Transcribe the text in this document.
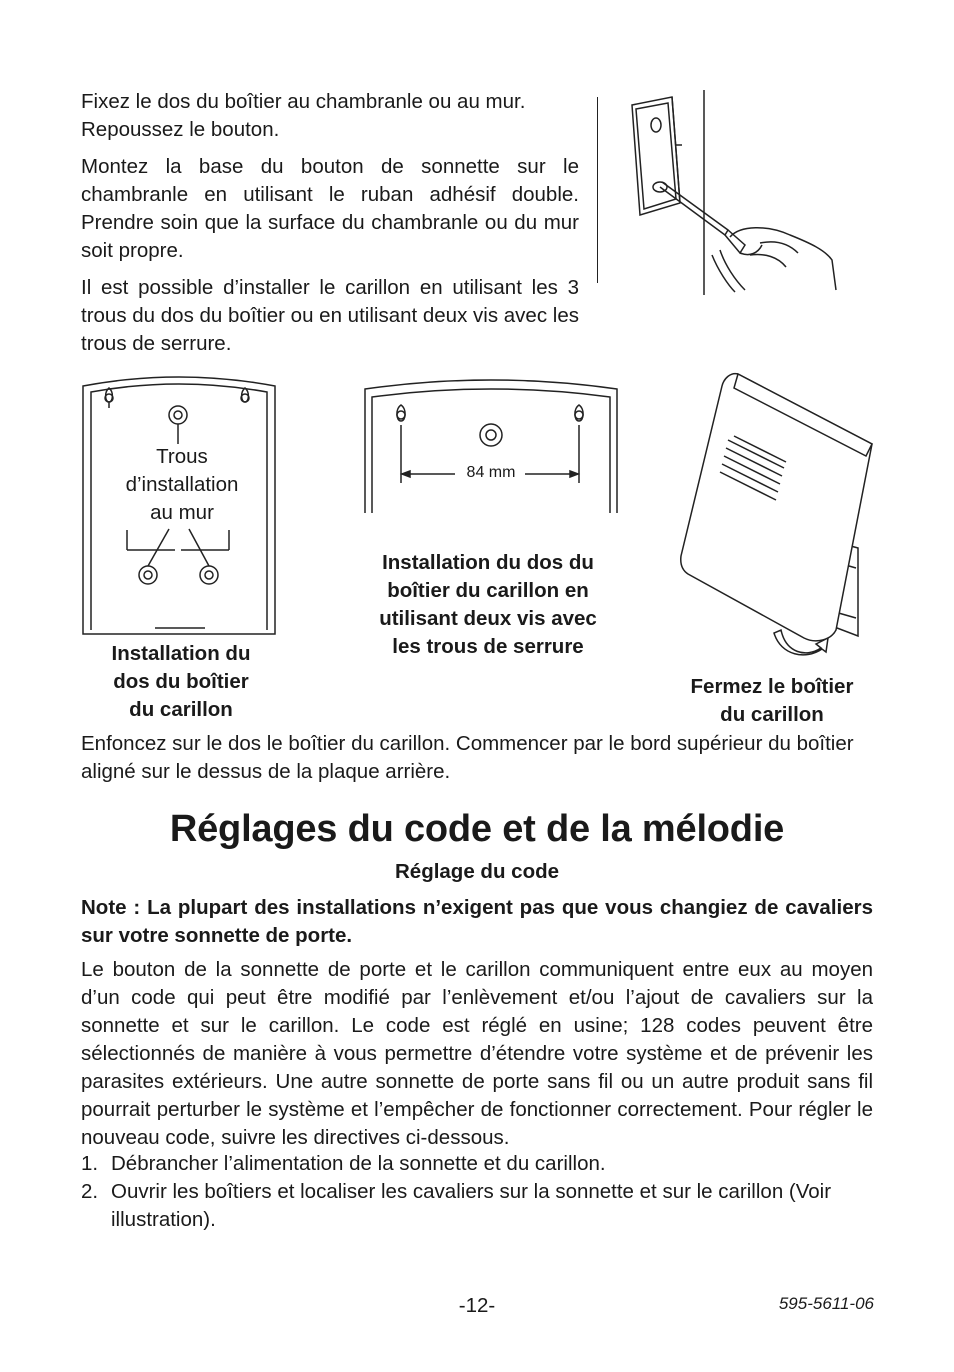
Fixez le dos du boîtier au chambranle ou au mur. Repoussez le bouton.

Montez la base du bouton de sonnette sur le chambranle en utilisant le ruban adhésif double. Prendre soin que la surface du chambranle ou du mur soit propre.

Il est possible d’installer le carillon en utilisant les 3 trous du dos du boîtier ou en utilisant deux vis avec les trous de serrure.

Trous
d’installation
au mur
Installation du
dos du boîtier
du carillon
84 mm
Installation du dos du
boîtier du carillon en
utilisant deux vis avec
les trous de serrure
Fermez le boîtier
du carillon

Enfoncez sur le dos le boîtier du carillon. Commencer par le bord supérieur du boîtier aligné sur le dessus de la plaque arrière.

Réglages du code et de la mélodie
Réglage du code

Note : La plupart des installations n’exigent pas que vous changiez de cavaliers sur votre sonnette de porte.

Le bouton de la sonnette de porte et le carillon communiquent entre eux au moyen d’un code qui peut être modifié par l’enlèvement et/ou l’ajout de cavaliers sur la sonnette et sur le carillon. Le code est réglé en usine; 128 codes peuvent être sélectionnés de manière à vous permettre d’étendre votre système et de prévenir les parasites extérieurs. Une autre sonnette de porte sans fil ou un autre produit sans fil pourrait perturber le système et l’empêcher de fonctionner correctement. Pour régler le nouveau code, suivre les directives ci-dessous.

1. Débrancher l’alimentation de la sonnette et du carillon.
2. Ouvrir les boîtiers et localiser les cavaliers sur la sonnette et sur le carillon (Voir illustration).
-12-	595-5611-06
